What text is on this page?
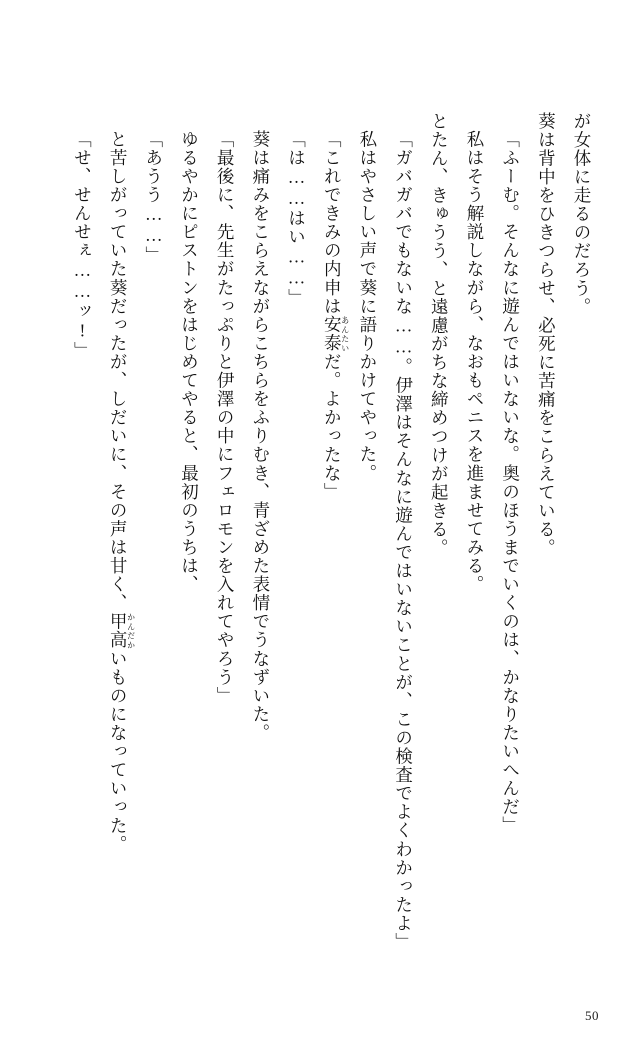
が女体に走るのだろう。
葵は背中をひきつらせ、必死に苦痛をこらえている。
「ふーむ。そんなに遊んではいないな。奥のほうまでいくのは、かなりたいへんだ」
私はそう解説しながら、なおもペニスを進ませてみる。
とたん、きゅうう、と遠慮がちな締めつけが起きる。
「ガバガバでもないな……。伊澤はそんなに遊んではいないことが、この検査でよくわかったよ」
私はやさしい声で葵に語りかけてやった。
「これできみの内申は安泰あんたいだ。よかったな」
「は……はい……」
葵は痛みをこらえながらこちらをふりむき、青ざめた表情でうなずいた。
「最後に、先生がたっぷりと伊澤の中にフェロモンを入れてやろう」
ゆるやかにピストンをはじめてやると、最初のうちは、
「あうう……」
と苦しがっていた葵だったが、しだいに、その声は甘く、甲高かんだかいものになっていった。
「せ、せんせぇ……ッ!」
50
